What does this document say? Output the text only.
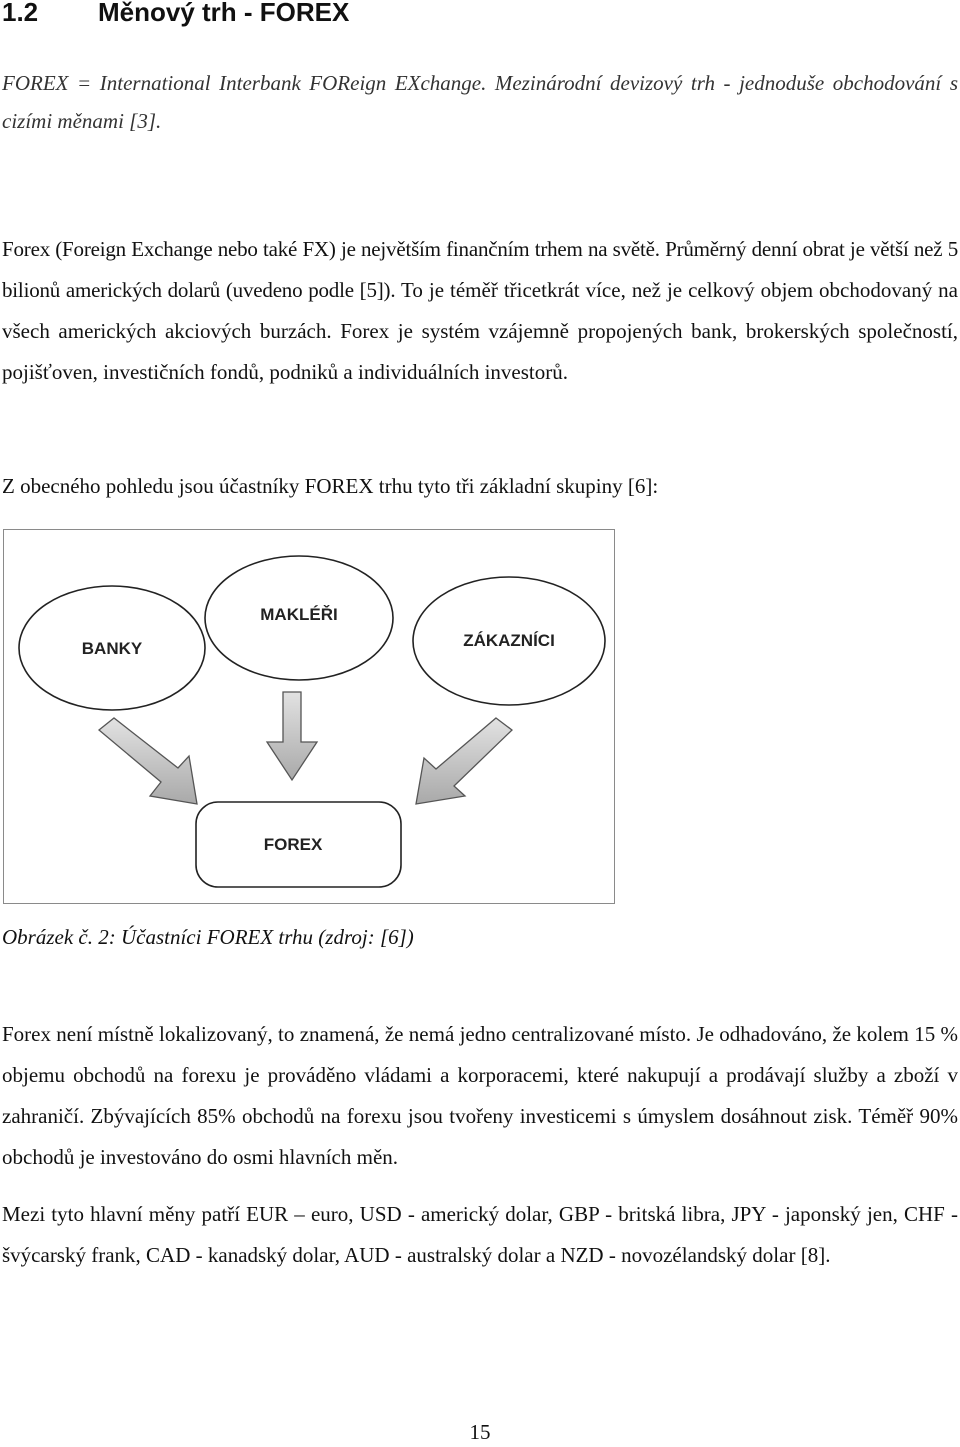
1.2 Měnový trh - FOREX
FOREX = International Interbank FOReign EXchange. Mezinárodní devizový trh - jednoduše obchodování s cizími měnami [3].
Forex (Foreign Exchange nebo také FX) je největším finančním trhem na světě. Průměrný denní obrat je větší než 5 bilionů amerických dolarů (uvedeno podle [5]). To je téměř třicetkrát více, než je celkový objem obchodovaný na všech amerických akciových burzách. Forex je systém vzájemně propojených bank, brokerských společností, pojišťoven, investičních fondů, podniků a individuálních investorů.
Z obecného pohledu jsou účastníky FOREX trhu tyto tři základní skupiny [6]:
BANKY
MAKLÉŘI
ZÁKAZNÍCI
FOREX
Obrázek č. 2: Účastníci FOREX trhu (zdroj: [6])
Forex není místně lokalizovaný, to znamená, že nemá jedno centralizované místo. Je odhadováno, že kolem 15 % objemu obchodů na forexu je prováděno vládami a korporacemi, které nakupují a prodávají služby a zboží v zahraničí. Zbývajících 85% obchodů na forexu jsou tvořeny investicemi s úmyslem dosáhnout zisk. Téměř 90% obchodů je investováno do osmi hlavních měn.
Mezi tyto hlavní měny patří EUR – euro, USD - americký dolar, GBP - britská libra, JPY - japonský jen, CHF - švýcarský frank, CAD - kanadský dolar, AUD - australský dolar a NZD - novozélandský dolar [8].
15
